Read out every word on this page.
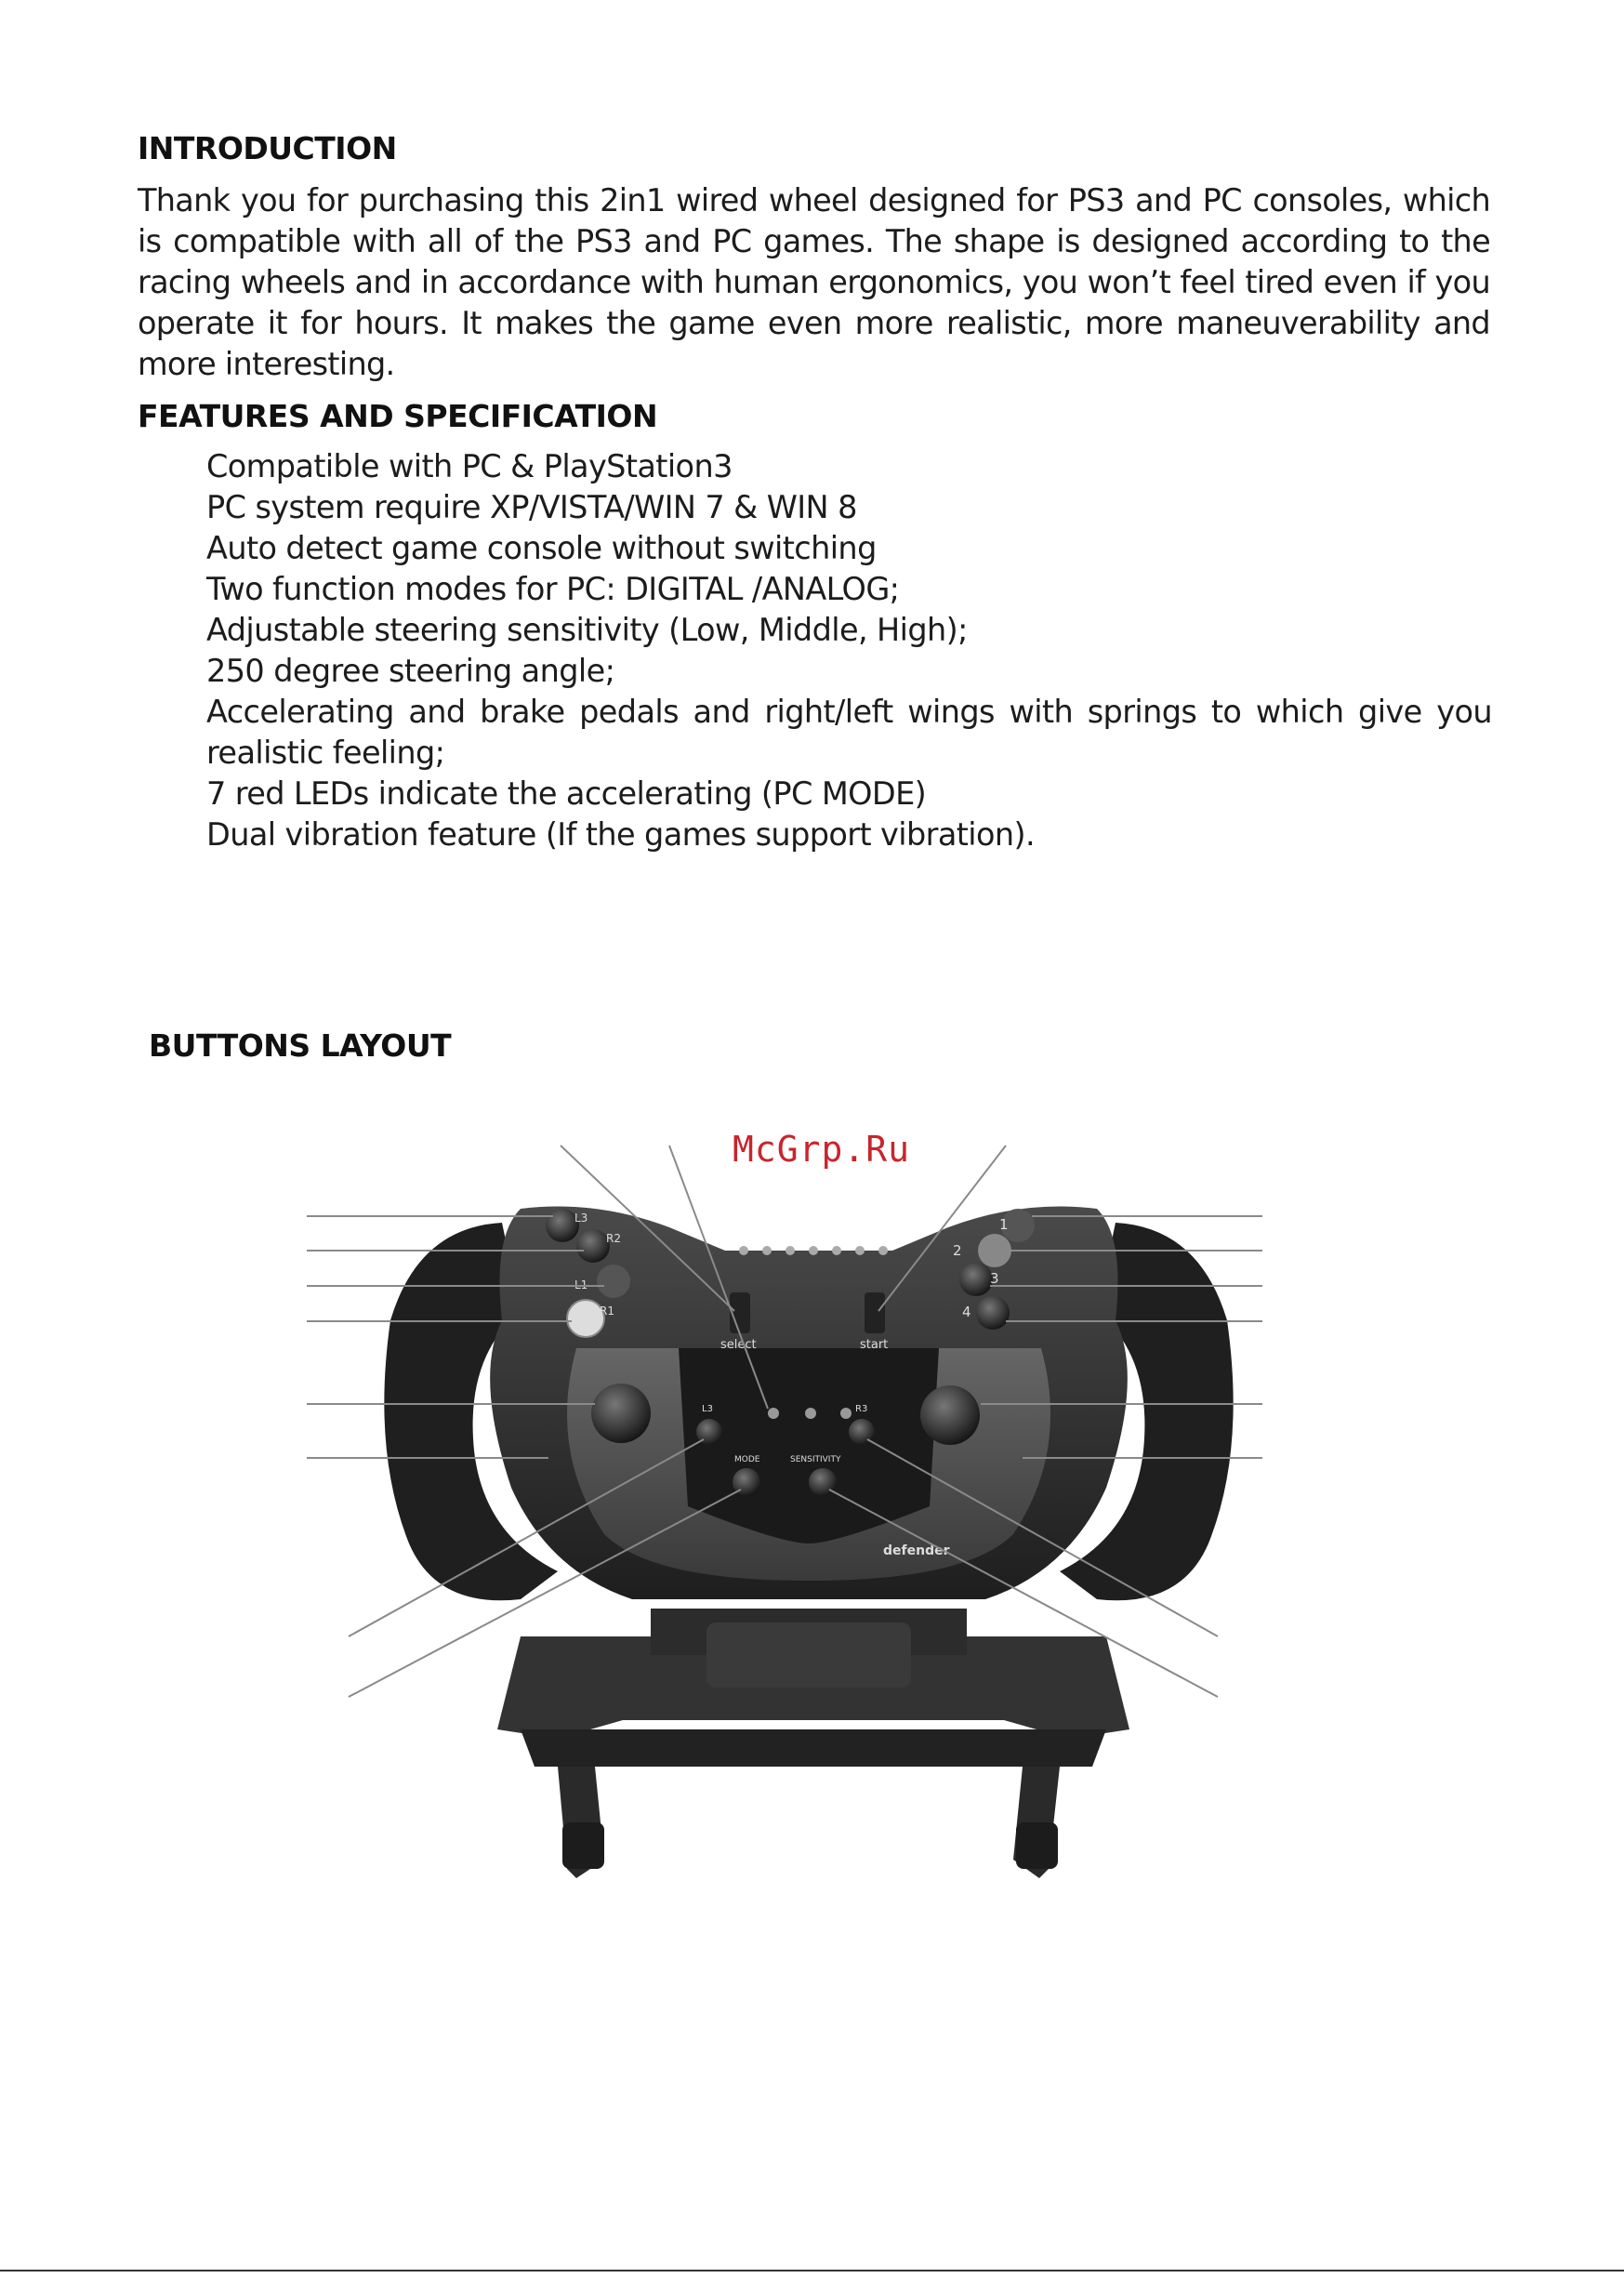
INTRODUCTION

Thank you for purchasing this 2in1 wired wheel designed for PS3 and PC consoles, which is compatible with all of the PS3 and PC games. The shape is designed according to the racing wheels and in accordance with human ergonomics, you won’t feel tired even if you operate it for hours. It makes the game even more realistic, more maneuverability and more interesting.

FEATURES AND SPECIFICATION
Compatible with PC & PlayStation3
PC system require XP/VISTA/WIN 7 & WIN 8
Auto detect game console without switching
Two function modes for PC: DIGITAL /ANALOG;
Adjustable steering sensitivity (Low, Middle, High);
250 degree steering angle;
Accelerating and brake pedals and right/left wings with springs to which give you realistic feeling;
7 red LEDs indicate the accelerating (PC MODE)
Dual vibration feature (If the games support vibration).
BUTTONS LAYOUT
L3
R2
L1
R1
1
2
3
4
select	start
L3	R3
MODE	SENSITIVITY
defender
McGrp.Ru
